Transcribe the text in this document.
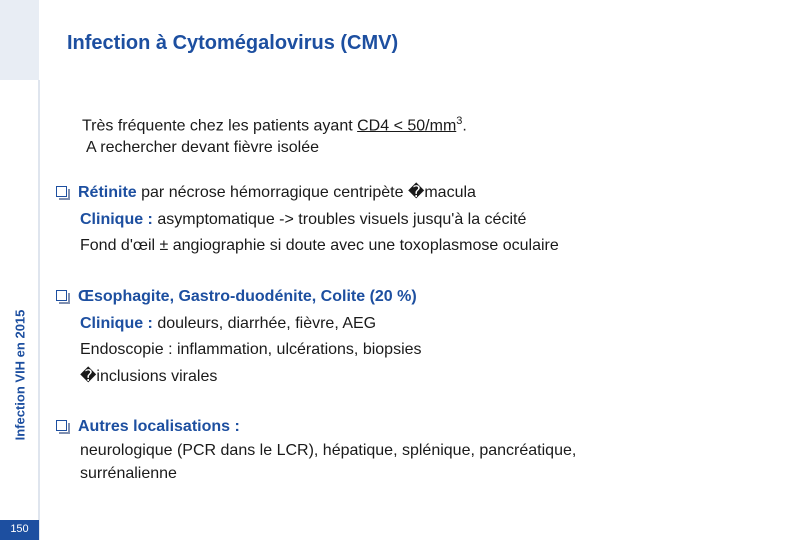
Infection VIH en 2015
150
Infection à Cytomégalovirus (CMV)
Très fréquente chez les patients ayant $CD4 < 50/mm^3$.
A rechercher devant fièvre isolée
Rétinite par nécrose hémorragique centripète �macula
Clinique : asymptomatique -> troubles visuels jusqu'à la cécité
Fond d'œil ± angiographie si doute avec une toxoplasmose oculaire
Œsophagite, Gastro-duodénite, Colite (20 %)
Clinique : douleurs, diarrhée, fièvre, AEG
Endoscopie : inflammation, ulcérations, biopsies
�inclusions virales
Autres localisations :
neurologique (PCR dans le LCR), hépatique, splénique, pancréatique,
surrénalienne
